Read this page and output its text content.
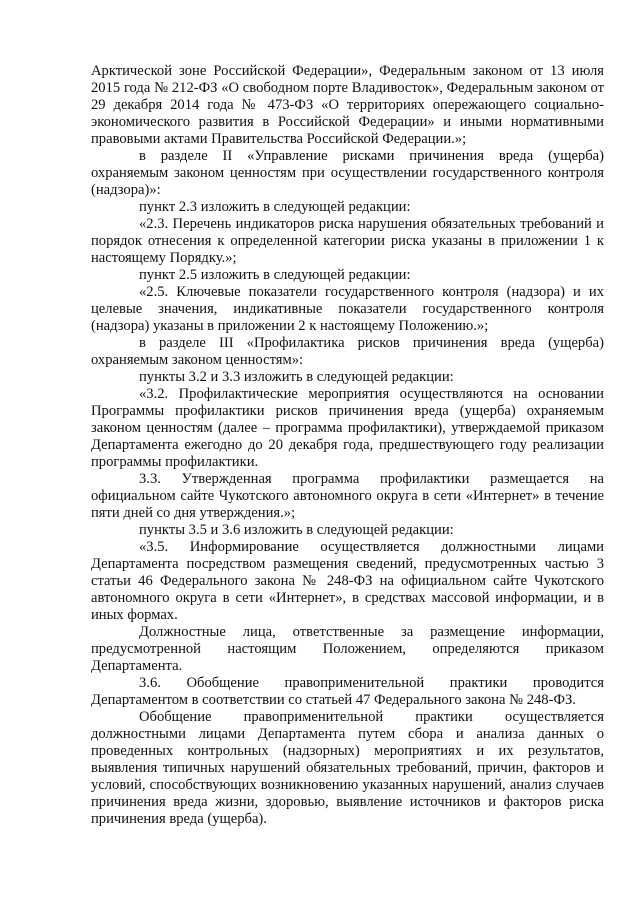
Арктической зоне Российской Федерации», Федеральным законом от 13 июля 2015 года № 212-ФЗ «О свободном порте Владивосток», Федеральным законом от 29 декабря 2014 года № 473-ФЗ «О территориях опережающего социально-экономического развития в Российской Федерации» и иными нормативными правовыми актами Правительства Российской Федерации.»;

в разделе II «Управление рисками причинения вреда (ущерба) охраняемым законом ценностям при осуществлении государственного контроля (надзора)»:

пункт 2.3 изложить в следующей редакции:

«2.3. Перечень индикаторов риска нарушения обязательных требований и порядок отнесения к определенной категории риска указаны в приложении 1 к настоящему Порядку.»;

пункт 2.5 изложить в следующей редакции:

«2.5. Ключевые показатели государственного контроля (надзора) и их целевые значения, индикативные показатели государственного контроля (надзора) указаны в приложении 2 к настоящему Положению.»;

в разделе III «Профилактика рисков причинения вреда (ущерба) охраняемым законом ценностям»:

пункты 3.2 и 3.3 изложить в следующей редакции:

«3.2. Профилактические мероприятия осуществляются на основании Программы профилактики рисков причинения вреда (ущерба) охраняемым законом ценностям (далее – программа профилактики), утверждаемой приказом Департамента ежегодно до 20 декабря года, предшествующего году реализации программы профилактики.

3.3. Утвержденная программа профилактики размещается на официальном сайте Чукотского автономного округа в сети «Интернет» в течение пяти дней со дня утверждения.»;

пункты 3.5 и 3.6 изложить в следующей редакции:

«3.5. Информирование осуществляется должностными лицами Департамента посредством размещения сведений, предусмотренных частью 3 статьи 46 Федерального закона № 248-ФЗ на официальном сайте Чукотского автономного округа в сети «Интернет», в средствах массовой информации, и в иных формах.

Должностные лица, ответственные за размещение информации, предусмотренной настоящим Положением, определяются приказом Департамента.

3.6. Обобщение правоприменительной практики проводится Департаментом в соответствии со статьей 47 Федерального закона № 248-ФЗ.

Обобщение правоприменительной практики осуществляется должностными лицами Департамента путем сбора и анализа данных о проведенных контрольных (надзорных) мероприятиях и их результатов, выявления типичных нарушений обязательных требований, причин, факторов и условий, способствующих возникновению указанных нарушений, анализ случаев причинения вреда жизни, здоровью, выявление источников и факторов риска причинения вреда (ущерба).
